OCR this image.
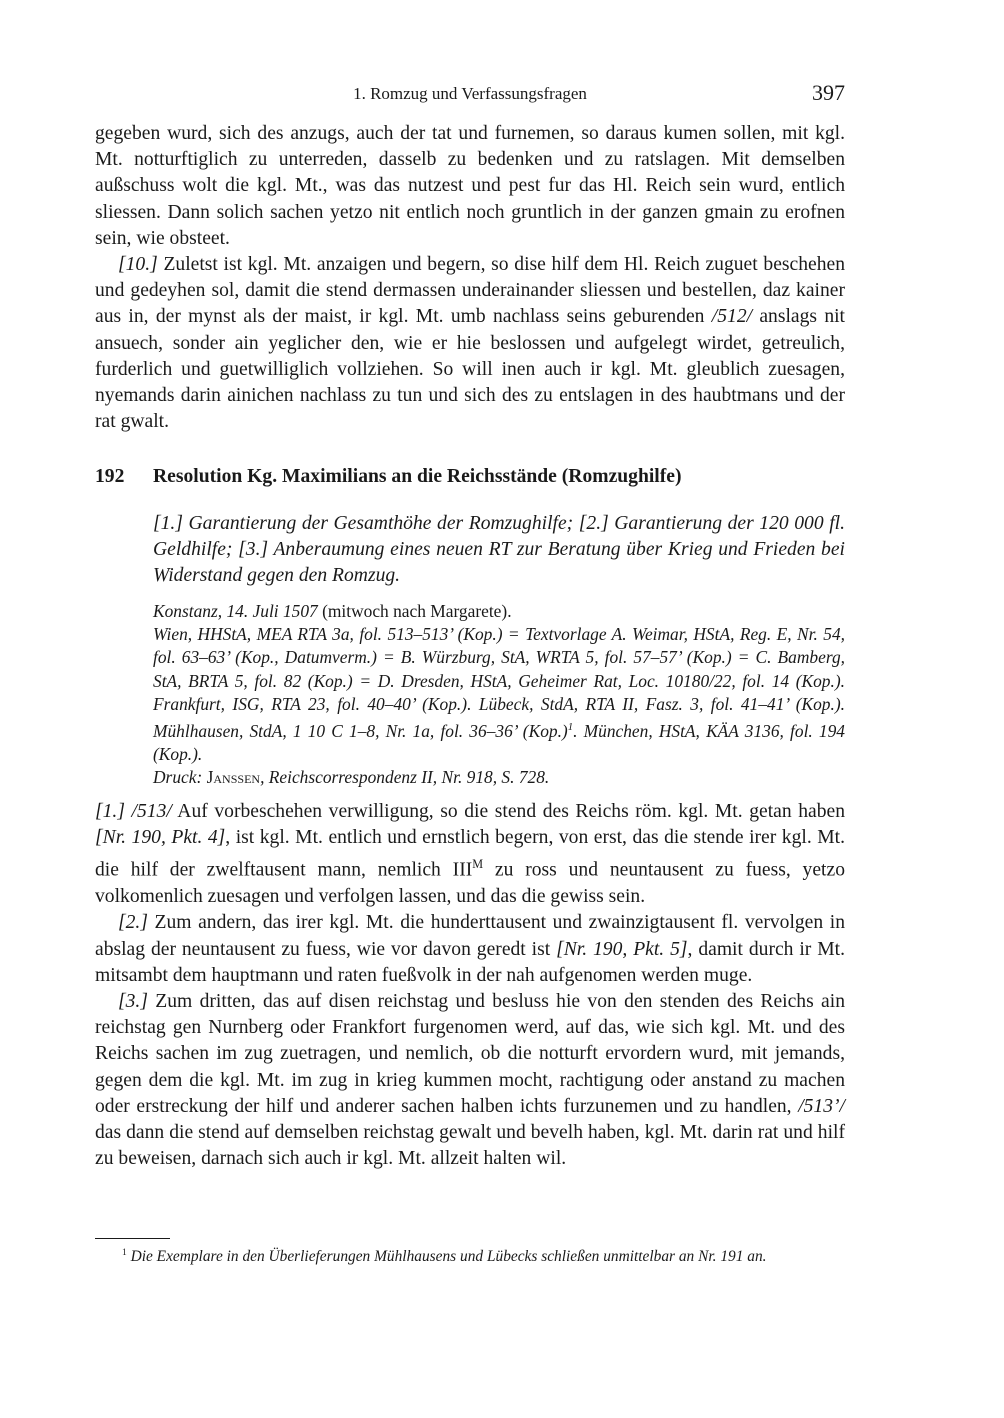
1. Romzug und Verfassungsfragen	397

gegeben wurd, sich des anzugs, auch der tat und furnemen, so daraus kumen sollen, mit kgl. Mt. notturftiglich zu unterreden, dasselb zu bedenken und zu ratslagen. Mit demselben außschuss wolt die kgl. Mt., was das nutzest und pest fur das Hl. Reich sein wurd, entlich sliessen. Dann solich sachen yetzo nit entlich noch gruntlich in der ganzen gmain zu erofnen sein, wie obsteet.

[10.] Zuletst ist kgl. Mt. anzaigen und begern, so dise hilf dem Hl. Reich zuguet beschehen und gedeyhen sol, damit die stend dermassen underainander sliessen und bestellen, daz kainer aus in, der mynst als der maist, ir kgl. Mt. umb nachlass seins geburenden /512/ anslags nit ansuech, sonder ain yeglicher den, wie er hie beslossen und aufgelegt wirdet, getreulich, furderlich und guetwilliglich vollziehen. So will inen auch ir kgl. Mt. gleublich zuesagen, nyemands darin ainichen nachlass zu tun und sich des zu entslagen in des haubtmans und der rat gwalt.

192 Resolution Kg. Maximilians an die Reichsstände (Romzughilfe)
[1.] Garantierung der Gesamthöhe der Romzughilfe; [2.] Garantierung der 120 000 fl. Geldhilfe; [3.] Anberaumung eines neuen RT zur Beratung über Krieg und Frieden bei Widerstand gegen den Romzug.
Konstanz, 14. Juli 1507 (mitwoch nach Margarete).
Wien, HHStA, MEA RTA 3a, fol. 513–513’ (Kop.) = Textvorlage A. Weimar, HStA, Reg. E, Nr. 54, fol. 63–63’ (Kop., Datumverm.) = B. Würzburg, StA, WRTA 5, fol. 57–57’ (Kop.) = C. Bamberg, StA, BRTA 5, fol. 82 (Kop.) = D. Dresden, HStA, Geheimer Rat, Loc. 10180/22, fol. 14 (Kop.). Frankfurt, ISG, RTA 23, fol. 40–40’ (Kop.). Lübeck, StdA, RTA II, Fasz. 3, fol. 41–41’ (Kop.). Mühlhausen, StdA, 1 10 C 1–8, Nr. 1a, fol. 36–36’ $(Kop.)^1$. München, HStA, KÄA 3136, fol. 194 (Kop.).
Druck: Janssen, Reichscorrespondenz II, Nr. 918, S. 728.

[1.] /513/ Auf vorbeschehen verwilligung, so die stend des Reichs röm. kgl. Mt. getan haben [Nr. 190, Pkt. 4], ist kgl. Mt. entlich und ernstlich begern, von erst, das die stende irer kgl. Mt. die hilf der zwelftausent mann, nemlich $III^M$ zu ross und neuntausent zu fuess, yetzo volkomenlich zuesagen und verfolgen lassen, und das die gewiss sein.

[2.] Zum andern, das irer kgl. Mt. die hunderttausent und zwainzigtausent fl. vervolgen in abslag der neuntausent zu fuess, wie vor davon geredt ist [Nr. 190, Pkt. 5], damit durch ir Mt. mitsambt dem hauptmann und raten fueßvolk in der nah aufgenomen werden muge.

[3.] Zum dritten, das auf disen reichstag und besluss hie von den stenden des Reichs ain reichstag gen Nurnberg oder Frankfort furgenomen werd, auf das, wie sich kgl. Mt. und des Reichs sachen im zug zuetragen, und nemlich, ob die notturft ervordern wurd, mit jemands, gegen dem die kgl. Mt. im zug in krieg kummen mocht, rachtigung oder anstand zu machen oder erstreckung der hilf und anderer sachen halben ichts furzunemen und zu handlen, /513’/ das dann die stend auf demselben reichstag gewalt und bevelh haben, kgl. Mt. darin rat und hilf zu beweisen, darnach sich auch ir kgl. Mt. allzeit halten wil.

$^1$ Die Exemplare in den Überlieferungen Mühlhausens und Lübecks schließen unmittelbar an Nr. 191 an.
